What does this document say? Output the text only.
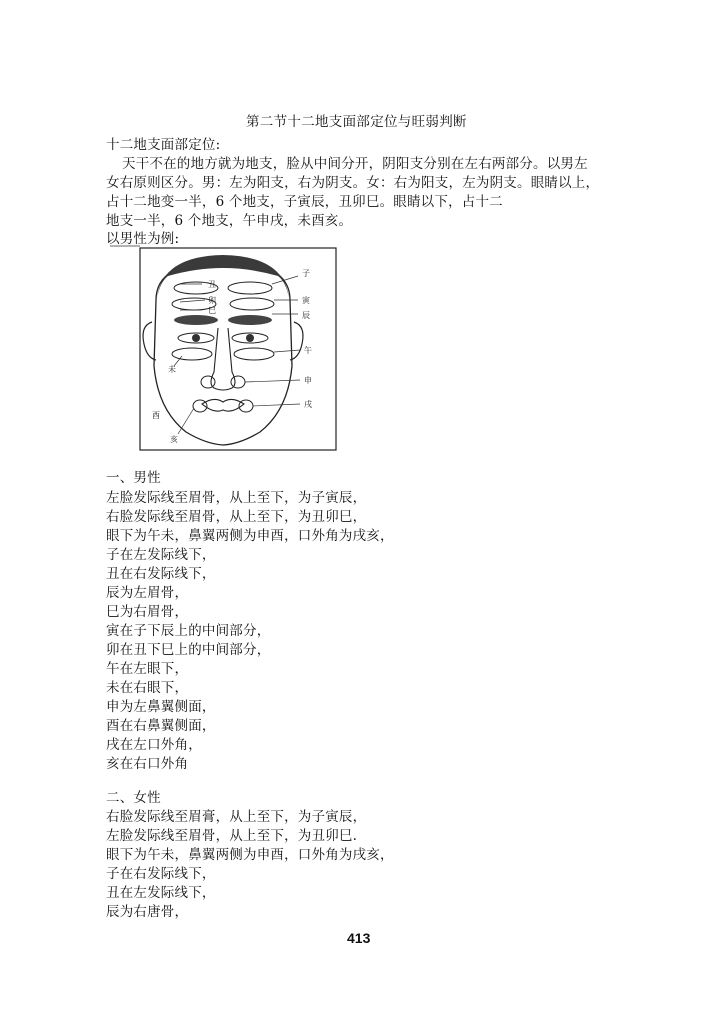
第二节十二地支面部定位与旺弱判断
十二地支面部定位:
天干不在的地方就为地支，脸从中间分开，阴阳支分别在左右两部分。以男左
女右原则区分。男：左为阳支，右为阴支。女：右为阳支，左为阴支。眼睛以上，
占十二地变一半，6 个地支，子寅辰，丑卯巳。眼睛以下，占十二
地支一半，6 个地支，午申戌，未酉亥。
以男性为例:
子
丑
寅
卯
辰
巳
午
未
申
酉
戌
亥
一、男性
左脸发际线至眉骨，从上至下，为子寅辰，
右脸发际线至眉骨，从上至下，为丑卯巳，
眼下为午未，鼻翼两侧为申酉，口外角为戌亥，
子在左发际线下，
丑在右发际线下，
辰为左眉骨，
巳为右眉骨，
寅在子下辰上的中间部分，
卯在丑下巳上的中间部分，
午在左眼下，
未在右眼下，
申为左鼻翼侧面，
酉在右鼻翼侧面，
戌在左口外角，
亥在右口外角
二、女性
右脸发际线至眉膏，从上至下，为子寅辰，
左脸发际线至眉骨，从上至下，为丑卯巳.
眼下为午未，鼻翼两侧为申酉，口外角为戌亥，
子在右发际线下，
丑在左发际线下，
辰为右唐骨，
413
